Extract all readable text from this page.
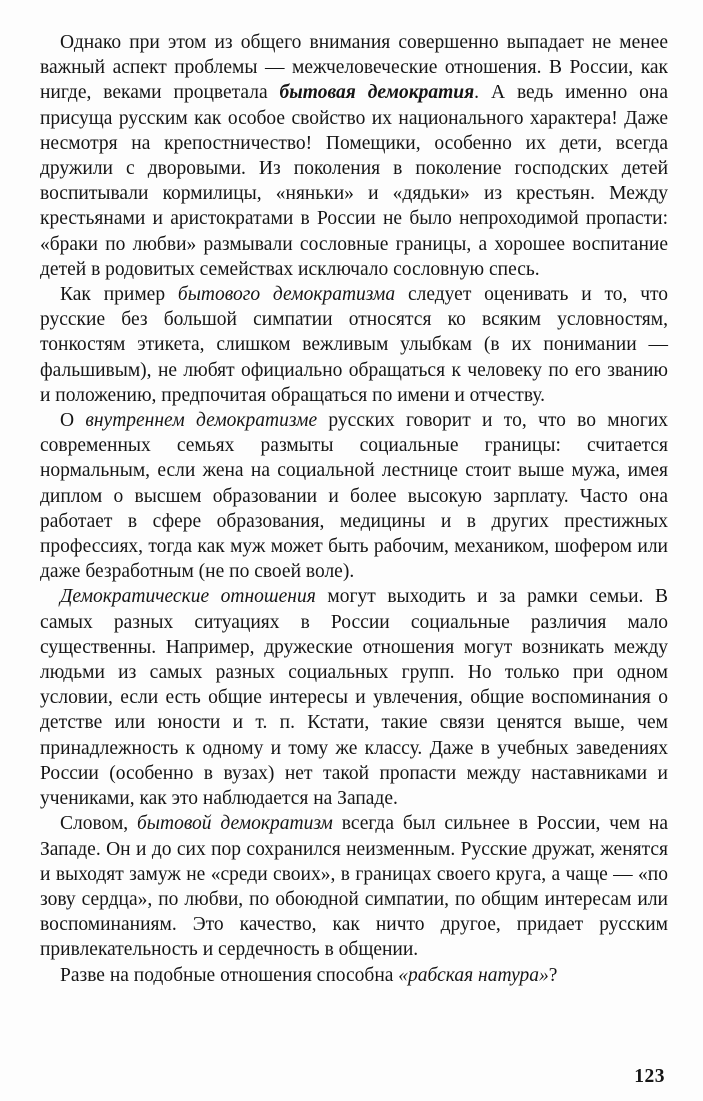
Однако при этом из общего внимания совершенно выпадает не менее важный аспект проблемы — межчеловеческие отношения. В России, как нигде, веками процветала бытовая демократия. А ведь именно она присуща русским как особое свойство их национального характера! Даже несмотря на крепостничество! Помещики, особенно их дети, всегда дружили с дворовыми. Из поколения в поколение господских детей воспитывали кормилицы, «няньки» и «дядьки» из крестьян. Между крестьянами и аристократами в России не было непроходимой пропасти: «браки по любви» размывали сословные границы, а хорошее воспитание детей в родовитых семействах исключало сословную спесь.

Как пример бытового демократизма следует оценивать и то, что русские без большой симпатии относятся ко всяким условностям, тонкостям этикета, слишком вежливым улыбкам (в их понимании — фальшивым), не любят официально обращаться к человеку по его званию и положению, предпочитая обращаться по имени и отчеству.

О внутреннем демократизме русских говорит и то, что во многих современных семьях размыты социальные границы: считается нормальным, если жена на социальной лестнице стоит выше мужа, имея диплом о высшем образовании и более высокую зарплату. Часто она работает в сфере образования, медицины и в других престижных профессиях, тогда как муж может быть рабочим, механиком, шофером или даже безработным (не по своей воле).

Демократические отношения могут выходить и за рамки семьи. В самых разных ситуациях в России социальные различия мало существенны. Например, дружеские отношения могут возникать между людьми из самых разных социальных групп. Но только при одном условии, если есть общие интересы и увлечения, общие воспоминания о детстве или юности и т. п. Кстати, такие связи ценятся выше, чем принадлежность к одному и тому же классу. Даже в учебных заведениях России (особенно в вузах) нет такой пропасти между наставниками и учениками, как это наблюдается на Западе.

Словом, бытовой демократизм всегда был сильнее в России, чем на Западе. Он и до сих пор сохранился неизменным. Русские дружат, женятся и выходят замуж не «среди своих», в границах своего круга, а чаще — «по зову сердца», по любви, по обоюдной симпатии, по общим интересам или воспоминаниям. Это качество, как ничто другое, придает русским привлекательность и сердечность в общении.

Разве на подобные отношения способна «рабская натура»?

123
